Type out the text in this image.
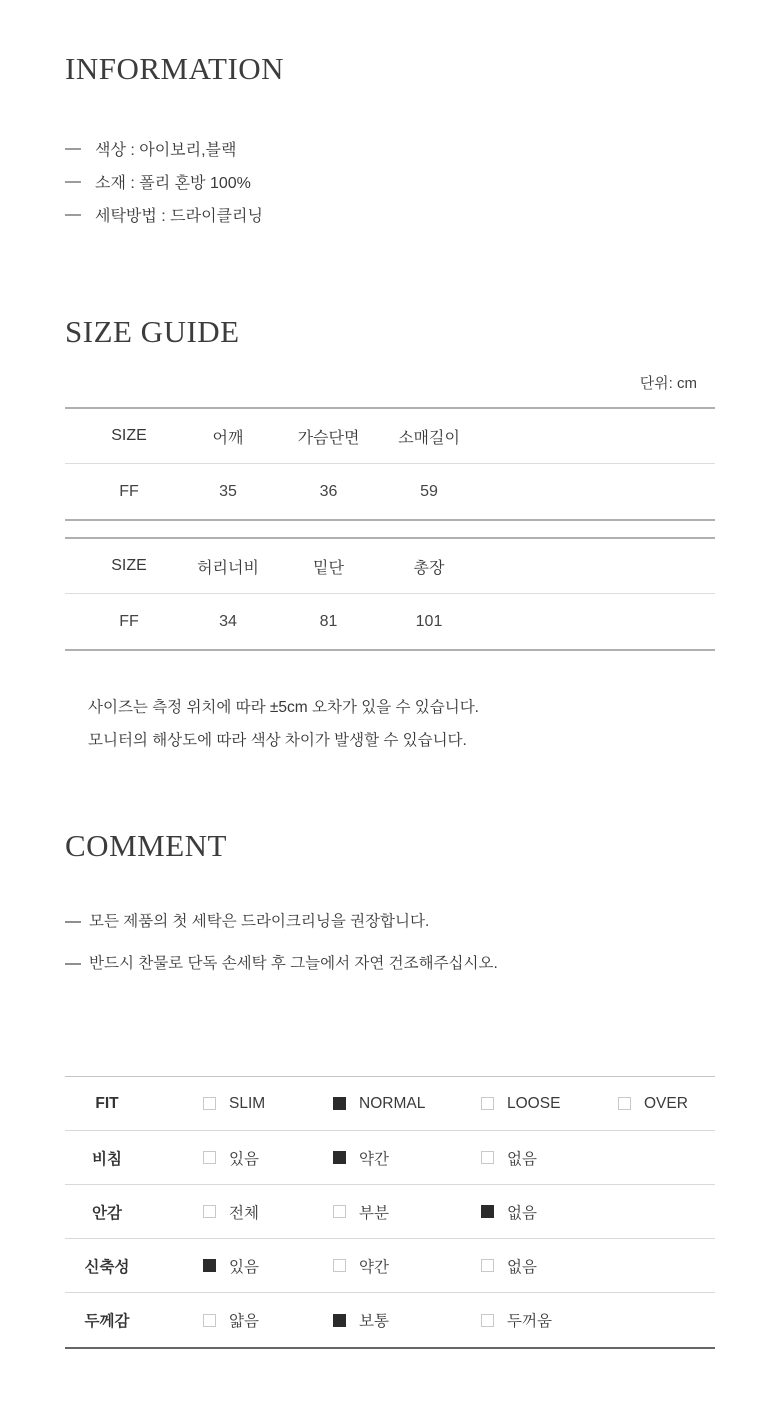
INFORMATION
색상 : 아이보리,블랙
소재 : 폴리 혼방 100%
세탁방법 : 드라이클리닝
SIZE GUIDE
단위: cm
SIZE	어깨	가슴단면	소매길이
FF	35	36	59
SIZE	허리너비	밑단	총장
FF	34	81	101
사이즈는 측정 위치에 따라 ±5cm 오차가 있을 수 있습니다.
모니터의 해상도에 따라 색상 차이가 발생할 수 있습니다.
COMMENT
모든 제품의 첫 세탁은 드라이크리닝을 권장합니다.
반드시 찬물로 단독 손세탁 후 그늘에서 자연 건조해주십시오.
FIT	SLIM	NORMAL	LOOSE	OVER
비침	있음	약간	없음
안감	전체	부분	없음
신축성	있음	약간	없음
두께감	얇음	보통	두꺼움
